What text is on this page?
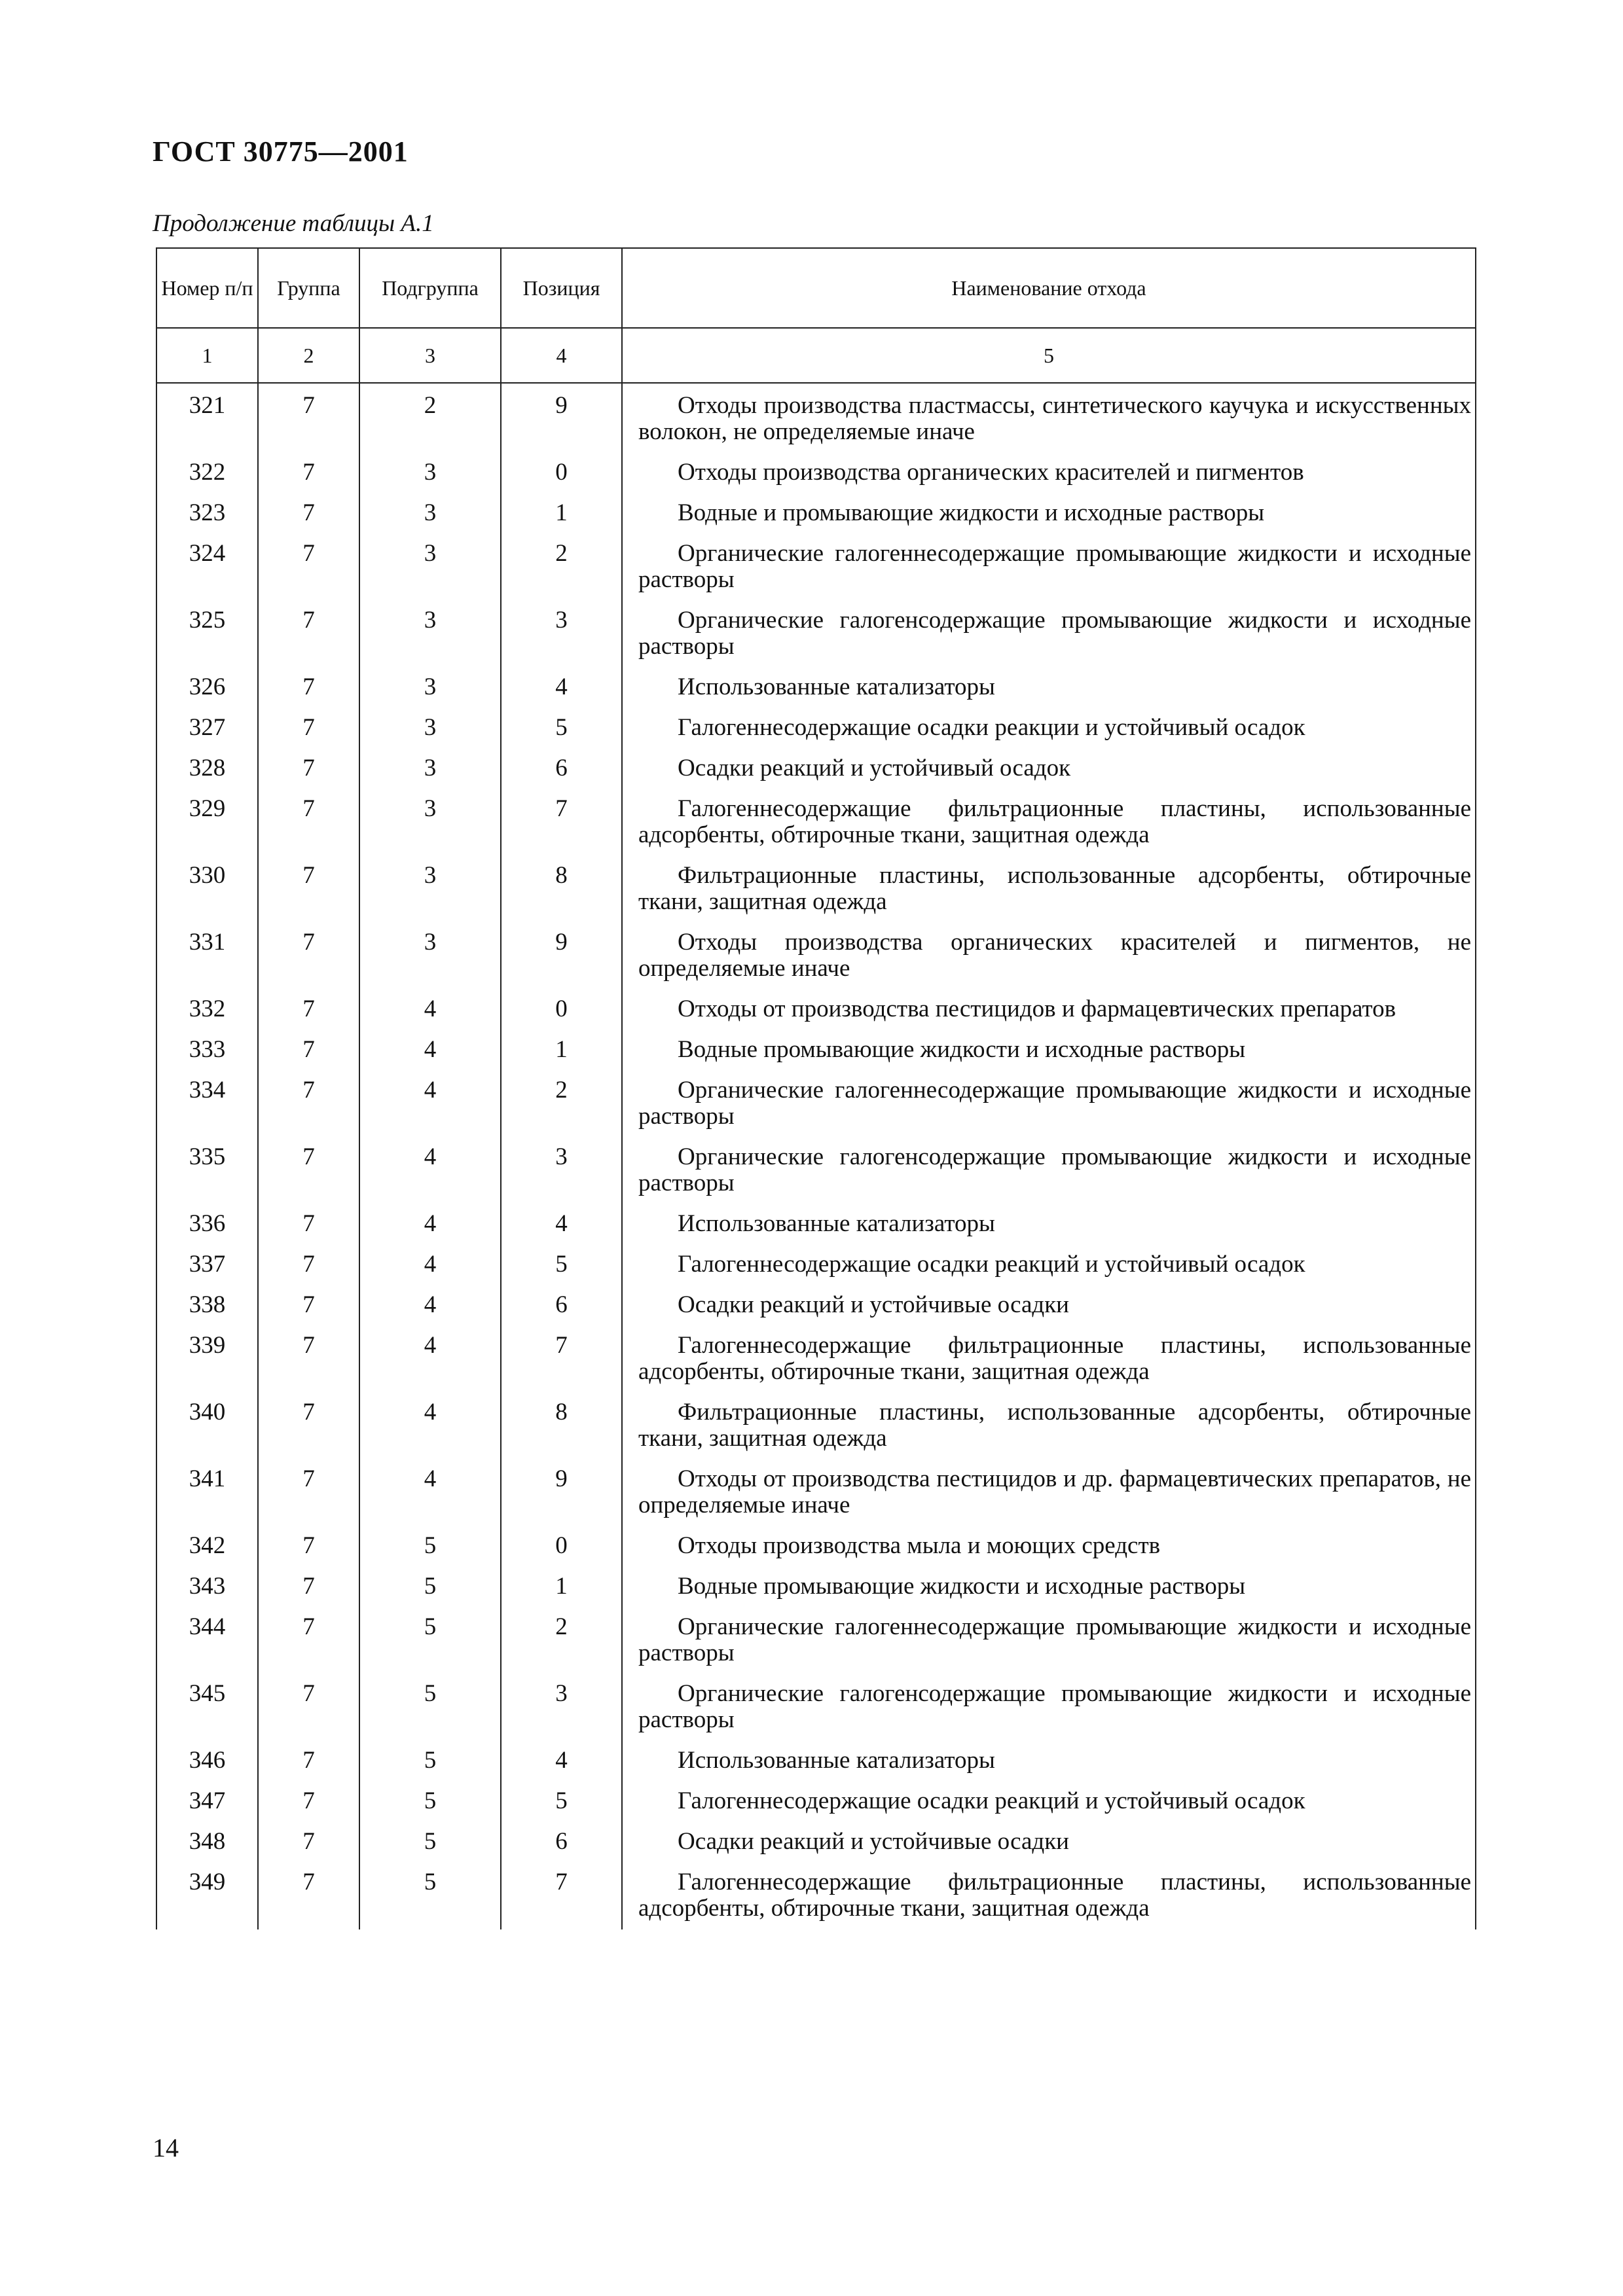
ГОСТ 30775—2001
Продолжение таблицы А.1
Номер п/п	Группа	Подгруппа	Позиция	Наименование отхода
1	2	3	4	5
321	7	2	9	Отходы производства пластмассы, синтетического каучука и искусственных волокон, не определяемые иначе
322	7	3	0	Отходы производства органических красителей и пигментов
323	7	3	1	Водные и промывающие жидкости и исходные растворы
324	7	3	2	Органические галогеннесодержащие промывающие жидкости и исходные растворы
325	7	3	3	Органические галогенсодержащие промывающие жидкости и исходные растворы
326	7	3	4	Использованные катализаторы
327	7	3	5	Галогеннесодержащие осадки реакции и устойчивый осадок
328	7	3	6	Осадки реакций и устойчивый осадок
329	7	3	7	Галогеннесодержащие фильтрационные пластины, использованные адсорбенты, обтирочные ткани, защитная одежда
330	7	3	8	Фильтрационные пластины, использованные адсорбенты, обтирочные ткани, защитная одежда
331	7	3	9	Отходы производства органических красителей и пигментов, не определяемые иначе
332	7	4	0	Отходы от производства пестицидов и фармацевтических препаратов
333	7	4	1	Водные промывающие жидкости и исходные растворы
334	7	4	2	Органические галогеннесодержащие промывающие жидкости и исходные растворы
335	7	4	3	Органические галогенсодержащие промывающие жидкости и исходные растворы
336	7	4	4	Использованные катализаторы
337	7	4	5	Галогеннесодержащие осадки реакций и устойчивый осадок
338	7	4	6	Осадки реакций и устойчивые осадки
339	7	4	7	Галогеннесодержащие фильтрационные пластины, использованные адсорбенты, обтирочные ткани, защитная одежда
340	7	4	8	Фильтрационные пластины, использованные адсорбенты, обтирочные ткани, защитная одежда
341	7	4	9	Отходы от производства пестицидов и др. фармацевтических препаратов, не определяемые иначе
342	7	5	0	Отходы производства мыла и моющих средств
343	7	5	1	Водные промывающие жидкости и исходные растворы
344	7	5	2	Органические галогеннесодержащие промывающие жидкости и исходные растворы
345	7	5	3	Органические галогенсодержащие промывающие жидкости и исходные растворы
346	7	5	4	Использованные катализаторы
347	7	5	5	Галогеннесодержащие осадки реакций и устойчивый осадок
348	7	5	6	Осадки реакций и устойчивые осадки
349	7	5	7	Галогеннесодержащие фильтрационные пластины, использованные адсорбенты, обтирочные ткани, защитная одежда
14
